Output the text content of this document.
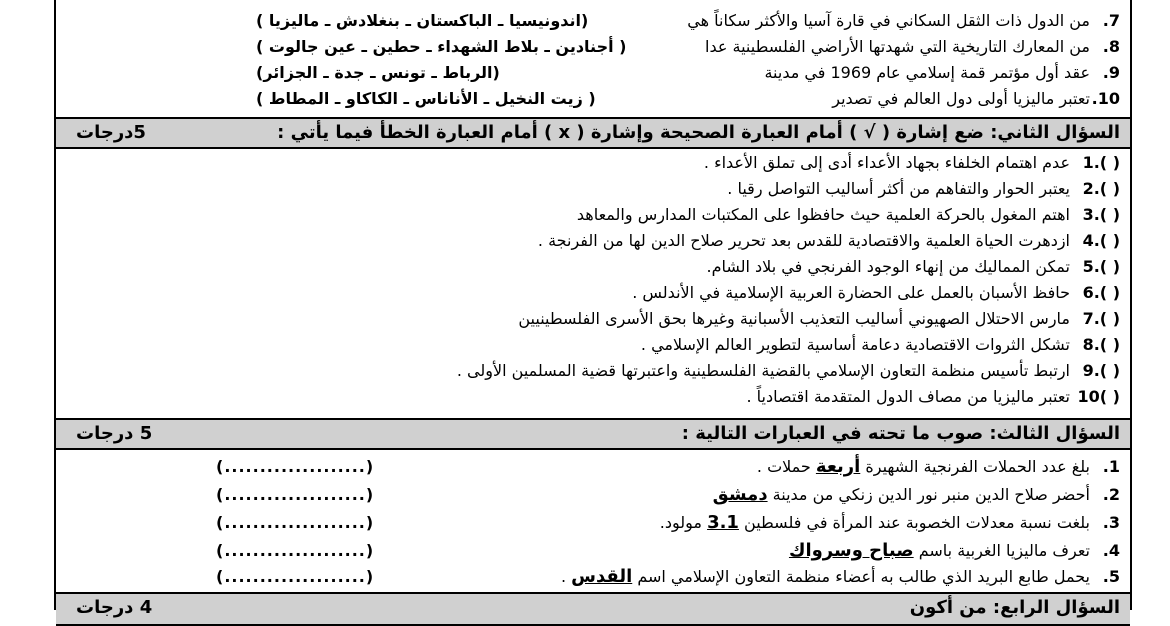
.7
من الدول ذات الثقل السكاني في قارة آسيا والأكثر سكاناً هي
(اندونيسيا ـ الباكستان ـ بنغلادش ـ ماليزيا )
.8
من المعارك التاريخية التي شهدتها الأراضي الفلسطينية عدا
( أجنادين ـ بلاط الشهداء ـ حطين ـ عين جالوت )
.9
عقد أول مؤتمر قمة إسلامي عام 1969 في مدينة
(الرباط ـ تونس ـ جدة ـ الجزائر)
.10
تعتبر ماليزيا أولى دول العالم في تصدير
( زيت النخيل ـ الأناناس ـ الكاكاو ـ المطاط )
السؤال الثاني: ضع إشارة ( √ ) أمام العبارة الصحيحة وإشارة ( x ) أمام العبارة الخطأ فيما يأتي :
5درجات
1.( )
عدم اهتمام الخلفاء بجهاد الأعداء أدى إلى تملق الأعداء .
2.( )
يعتبر الحوار والتفاهم من أكثر أساليب التواصل رقيا .
3.( )
اهتم المغول بالحركة العلمية حيث حافظوا على المكتبات المدارس والمعاهد
4.( )
ازدهرت الحياة العلمية والاقتصادية للقدس بعد تحرير صلاح الدين لها من الفرنجة .
5.( )
تمكن المماليك من إنهاء الوجود الفرنجي في بلاد الشام.
6.( )
حافظ الأسبان بالعمل على الحضارة العربية الإسلامية في الأندلس .
7.( )
مارس الاحتلال الصهيوني أساليب التعذيب الأسبانية وغيرها بحق الأسرى الفلسطينيين
8.( )
تشكل الثروات الاقتصادية دعامة أساسية لتطوير العالم الإسلامي .
9.( )
ارتبط تأسيس منظمة التعاون الإسلامي بالقضية الفلسطينية واعتبرتها قضية المسلمين الأولى .
10( )
تعتبر ماليزيا من مصاف الدول المتقدمة اقتصادياً .
السؤال الثالث: صوب ما تحته في العبارات التالية :
5 درجات
.1
بلغ عدد الحملات الفرنجية الشهيرة أربعة حملات .
(....................)
.2
أحضر صلاح الدين منبر نور الدين زنكي من مدينة دمشق
(....................)
.3
بلغت نسبة معدلات الخصوبة عند المرأة في فلسطين 3.1 مولود.
(....................)
.4
تعرف ماليزيا الغربية باسم صباح وسرواك
(....................)
.5
يحمل طابع البريد الذي طالب به أعضاء منظمة التعاون الإسلامي اسم القدس .
(....................)
السؤال الرابع: من أكون
4 درجات
